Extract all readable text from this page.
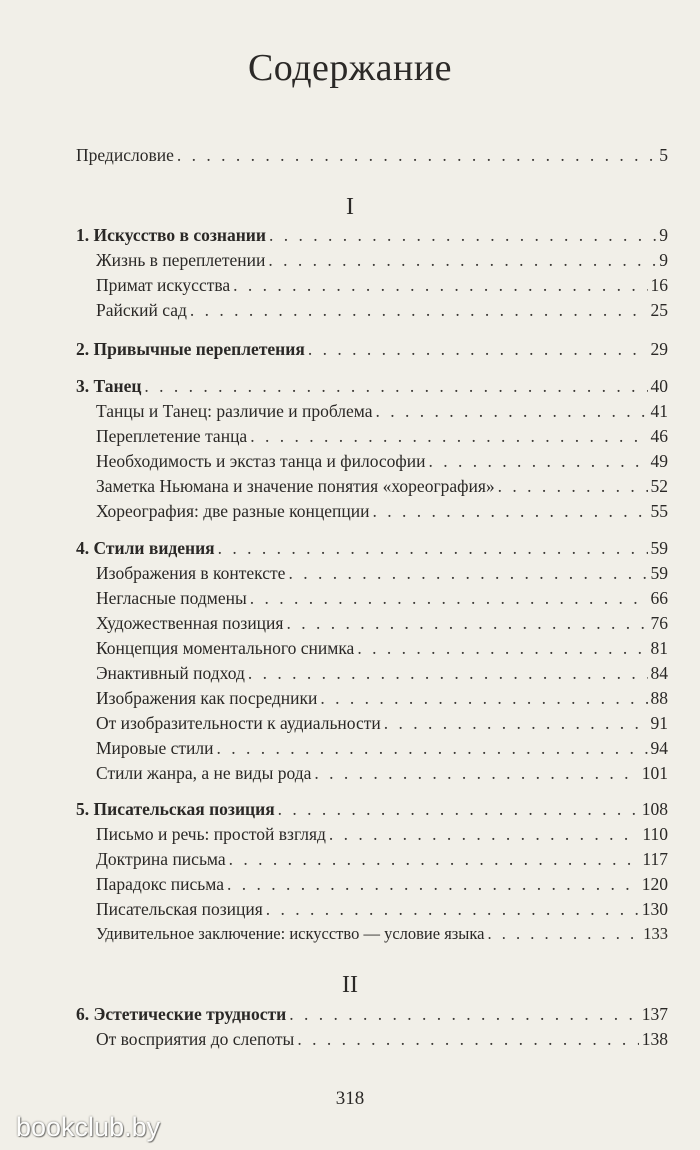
Содержание
Предисловие . . .	5
I
1. Искусство в сознании . . .	9
Жизнь в переплетении . . .	9
Примат искусства . . .	16
Райский сад . . .	25
2. Привычные переплетения . . .	29
3. Танец . . .	40
Танцы и Танец: различие и проблема . . .	41
Переплетение танца . . .	46
Необходимость и экстаз танца и философии . . .	49
Заметка Ньюмана и значение понятия «хореография» . . .	52
Хореография: две разные концепции . . .	55
4. Стили видения . . .	59
Изображения в контексте . . .	59
Негласные подмены . . .	66
Художественная позиция . . .	76
Концепция моментального снимка . . .	81
Энактивный подход . . .	84
Изображения как посредники . . .	88
От изобразительности к аудиальности . . .	91
Мировые стили . . .	94
Стили жанра, а не виды рода . . .	101
5. Писательская позиция . . .	108
Письмо и речь: простой взгляд . . .	110
Доктрина письма . . .	117
Парадокс письма . . .	120
Писательская позиция . . .	130
Удивительное заключение: искусство — условие языка . . .	133
II
6. Эстетические трудности . . .	137
От восприятия до слепоты . . .	138
318
bookclub.by
